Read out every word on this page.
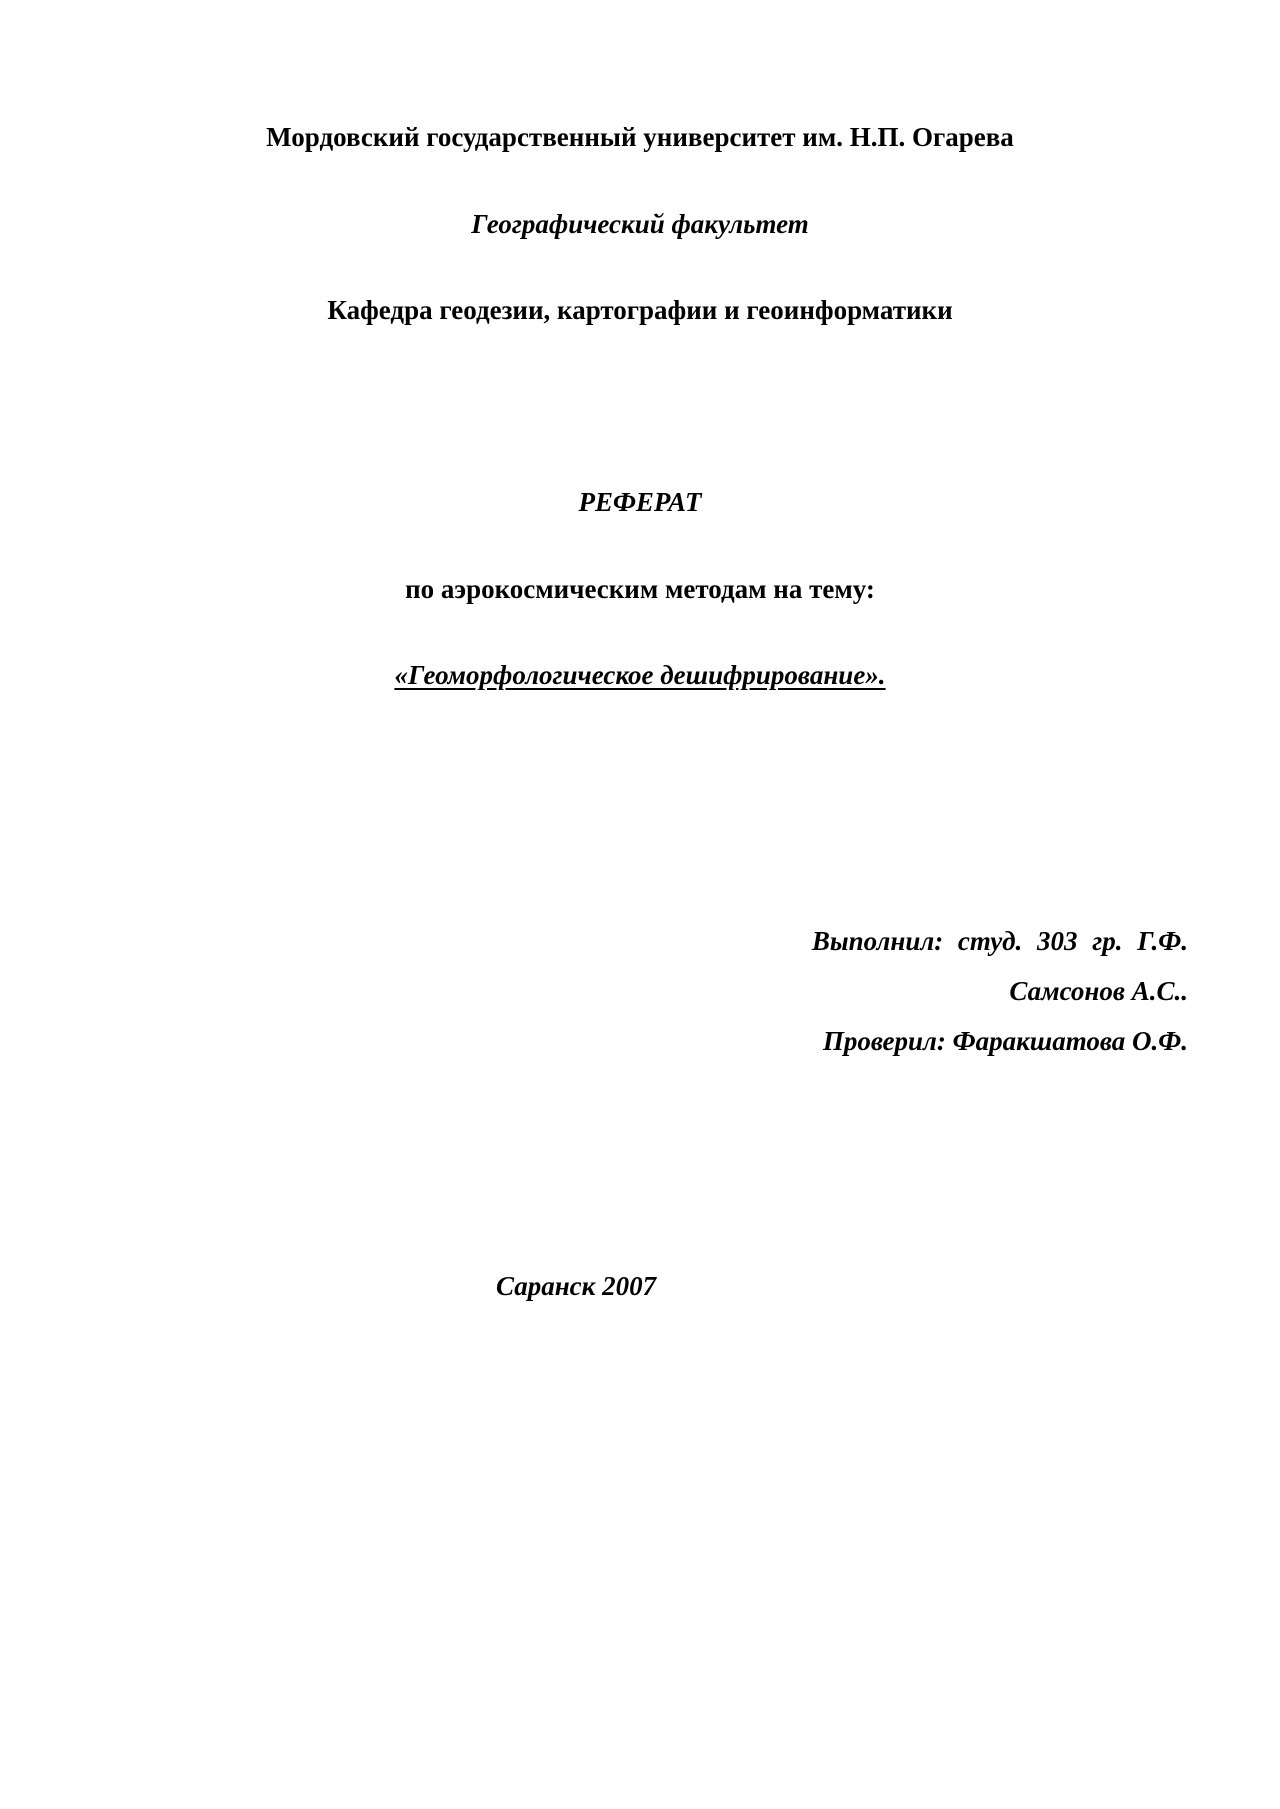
Мордовский государственный университет им. Н.П. Огарева
Географический факультет
Кафедра геодезии, картографии и геоинформатики
РЕФЕРАТ
по аэрокосмическим методам на тему:
«Геоморфологическое дешифрирование».
Выполнил: студ. 303 гр. Г.Ф.
Самсонов А.С..
Проверил: Фаракшатова О.Ф.
Саранск 2007
